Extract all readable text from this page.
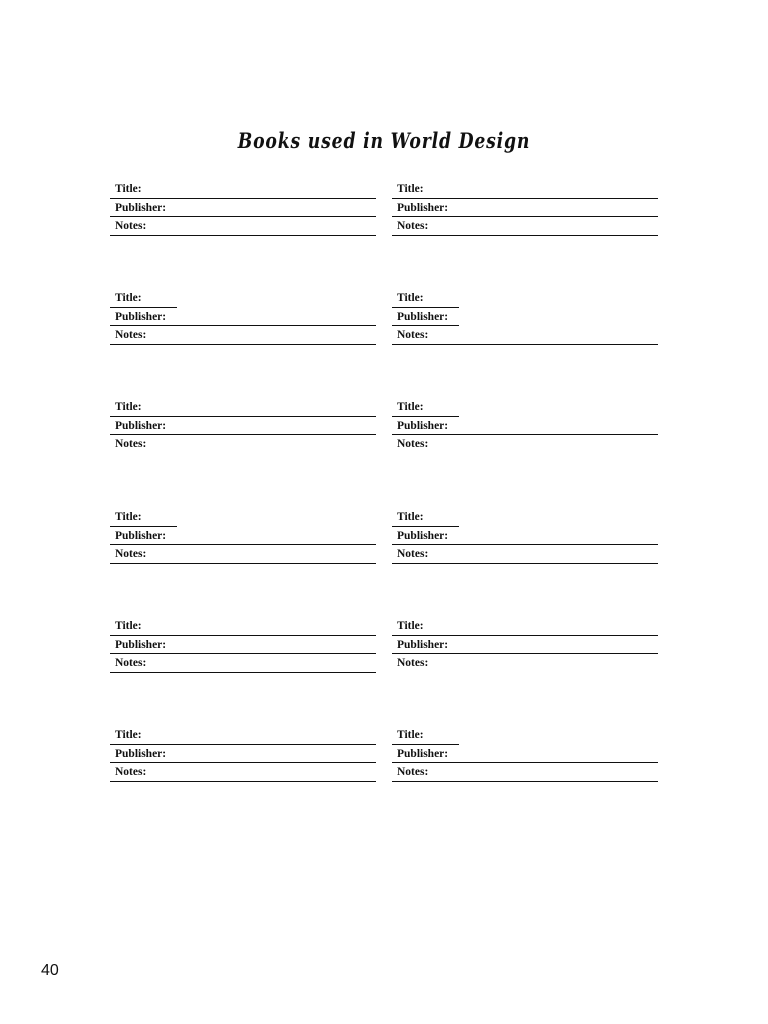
Books used in World Design
Title:
Publisher:
Notes:
Title:
Publisher:
Notes:
Title:
Publisher:
Notes:
Title:
Publisher:
Notes:
Title:
Publisher:
Notes:
Title:
Publisher:
Notes:
Title:
Publisher:
Notes:
Title:
Publisher:
Notes:
Title:
Publisher:
Notes:
Title:
Publisher:
Notes:
Title:
Publisher:
Notes:
Title:
Publisher:
Notes:
40
